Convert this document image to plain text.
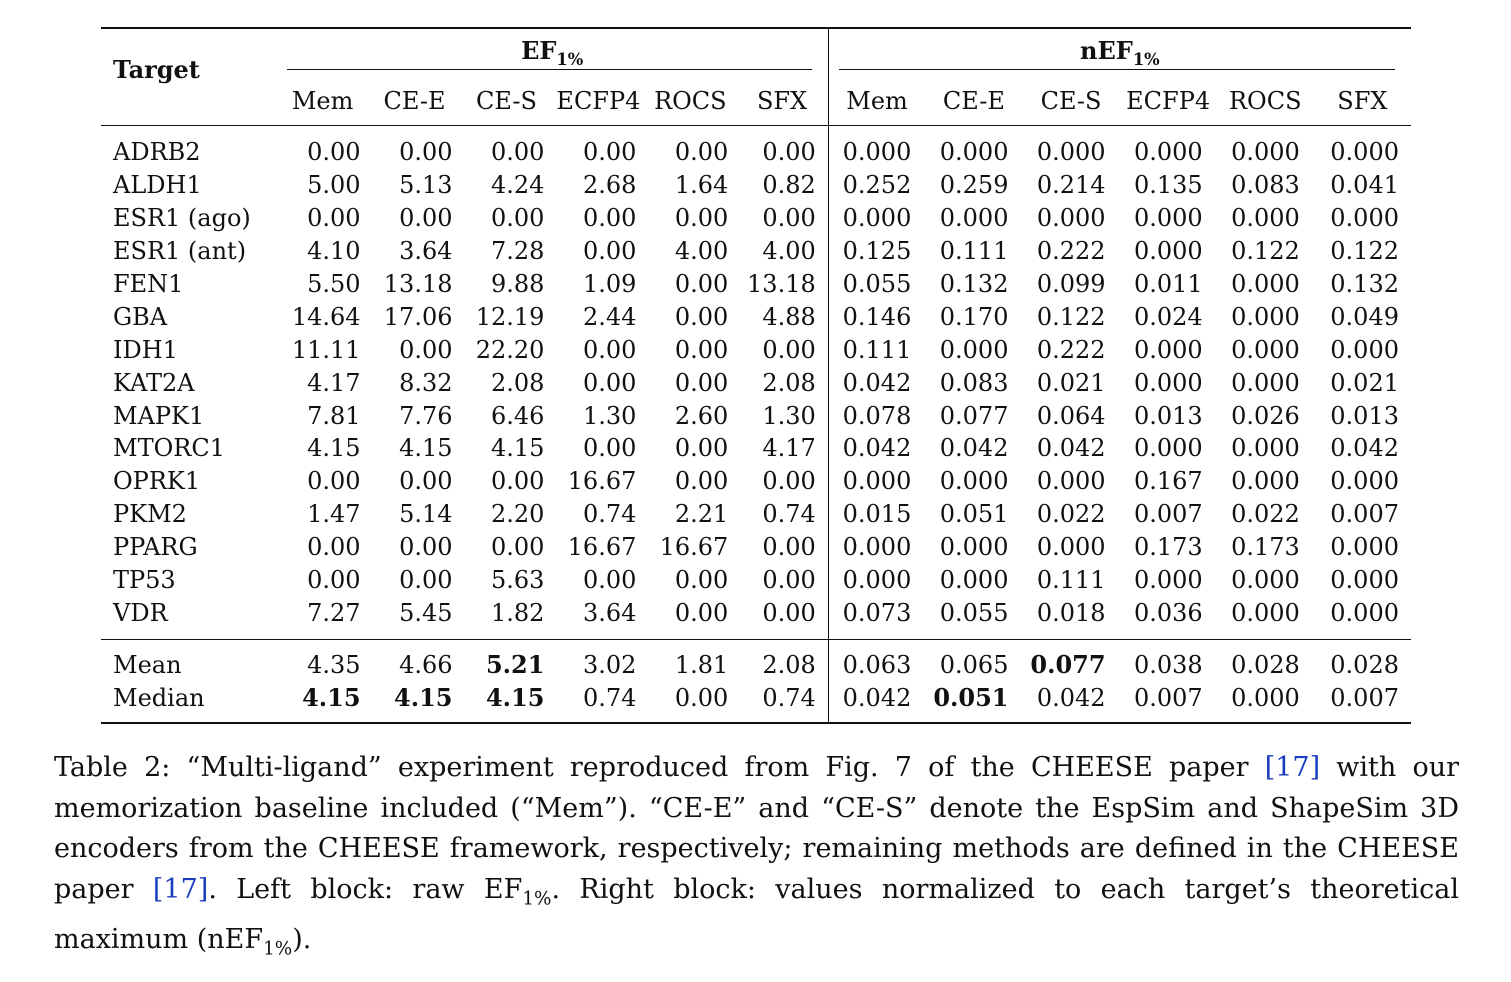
Target	$EF_{1\%}$						nEF$_{1\%}$

	Mem	CE-E	CE-S	ECFP4	ROCS	SFX	Mem	CE-E	CE-S	ECFP4	ROCS	SFX
ADRB2	0.00	0.00	0.00	0.00	0.00	0.00	0.000	0.000	0.000	0.000	0.000	0.000
ALDH1	5.00	5.13	4.24	2.68	1.64	0.82	0.252	0.259	0.214	0.135	0.083	0.041
ESR1 (ago)	0.00	0.00	0.00	0.00	0.00	0.00	0.000	0.000	0.000	0.000	0.000	0.000
ESR1 (ant)	4.10	3.64	7.28	0.00	4.00	4.00	0.125	0.111	0.222	0.000	0.122	0.122
FEN1	5.50	13.18	9.88	1.09	0.00	13.18	0.055	0.132	0.099	0.011	0.000	0.132
GBA	14.64	17.06	12.19	2.44	0.00	4.88	0.146	0.170	0.122	0.024	0.000	0.049
IDH1	11.11	0.00	22.20	0.00	0.00	0.00	0.111	0.000	0.222	0.000	0.000	0.000
KAT2A	4.17	8.32	2.08	0.00	0.00	2.08	0.042	0.083	0.021	0.000	0.000	0.021
MAPK1	7.81	7.76	6.46	1.30	2.60	1.30	0.078	0.077	0.064	0.013	0.026	0.013
MTORC1	4.15	4.15	4.15	0.00	0.00	4.17	0.042	0.042	0.042	0.000	0.000	0.042
OPRK1	0.00	0.00	0.00	16.67	0.00	0.00	0.000	0.000	0.000	0.167	0.000	0.000
PKM2	1.47	5.14	2.20	0.74	2.21	0.74	0.015	0.051	0.022	0.007	0.022	0.007
PPARG	0.00	0.00	0.00	16.67	16.67	0.00	0.000	0.000	0.000	0.173	0.173	0.000
TP53	0.00	0.00	5.63	0.00	0.00	0.00	0.000	0.000	0.111	0.000	0.000	0.000
VDR	7.27	5.45	1.82	3.64	0.00	0.00	0.073	0.055	0.018	0.036	0.000	0.000
Mean	4.35	4.66	5.21	3.02	1.81	2.08	0.063	0.065	0.077	0.038	0.028	0.028
Median	4.15	4.15	4.15	0.74	0.00	0.74	0.042	0.051	0.042	0.007	0.000	0.007
Table 2: “Multi-ligand” experiment reproduced from Fig. 7 of the CHEESE paper [17] with our memorization baseline included (“Mem”). “CE-E” and “CE-S” denote the EspSim and ShapeSim 3D encoders from the CHEESE framework, respectively; remaining methods are defined in the CHEESE paper [17]. Left block: raw $EF_{1\%}$. Right block: values normalized to each target’s theoretical maximum (nEF$_{1\%}$).
